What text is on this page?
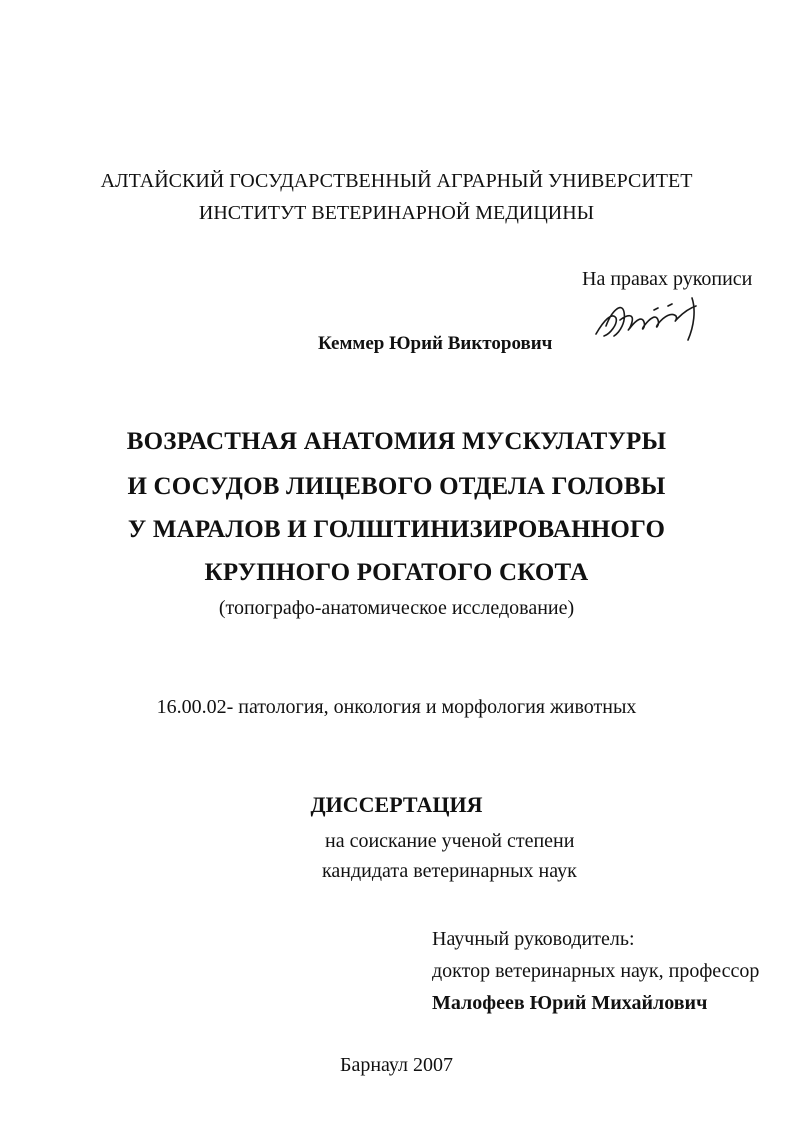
АЛТАЙСКИЙ ГОСУДАРСТВЕННЫЙ АГРАРНЫЙ УНИВЕРСИТЕТ
ИНСТИТУТ ВЕТЕРИНАРНОЙ МЕДИЦИНЫ
На правах рукописи
Кеммер Юрий Викторович
ВОЗРАСТНАЯ АНАТОМИЯ МУСКУЛАТУРЫ
И СОСУДОВ ЛИЦЕВОГО ОТДЕЛА ГОЛОВЫ
У МАРАЛОВ И ГОЛШТИНИЗИРОВАННОГО
КРУПНОГО РОГАТОГО СКОТА
(топографо-анатомическое исследование)
16.00.02- патология, онкология и морфология животных
ДИССЕРТАЦИЯ
на соискание ученой степени
кандидата ветеринарных наук
Научный руководитель:
доктор ветеринарных наук, профессор
Малофеев Юрий Михайлович
Барнаул 2007
